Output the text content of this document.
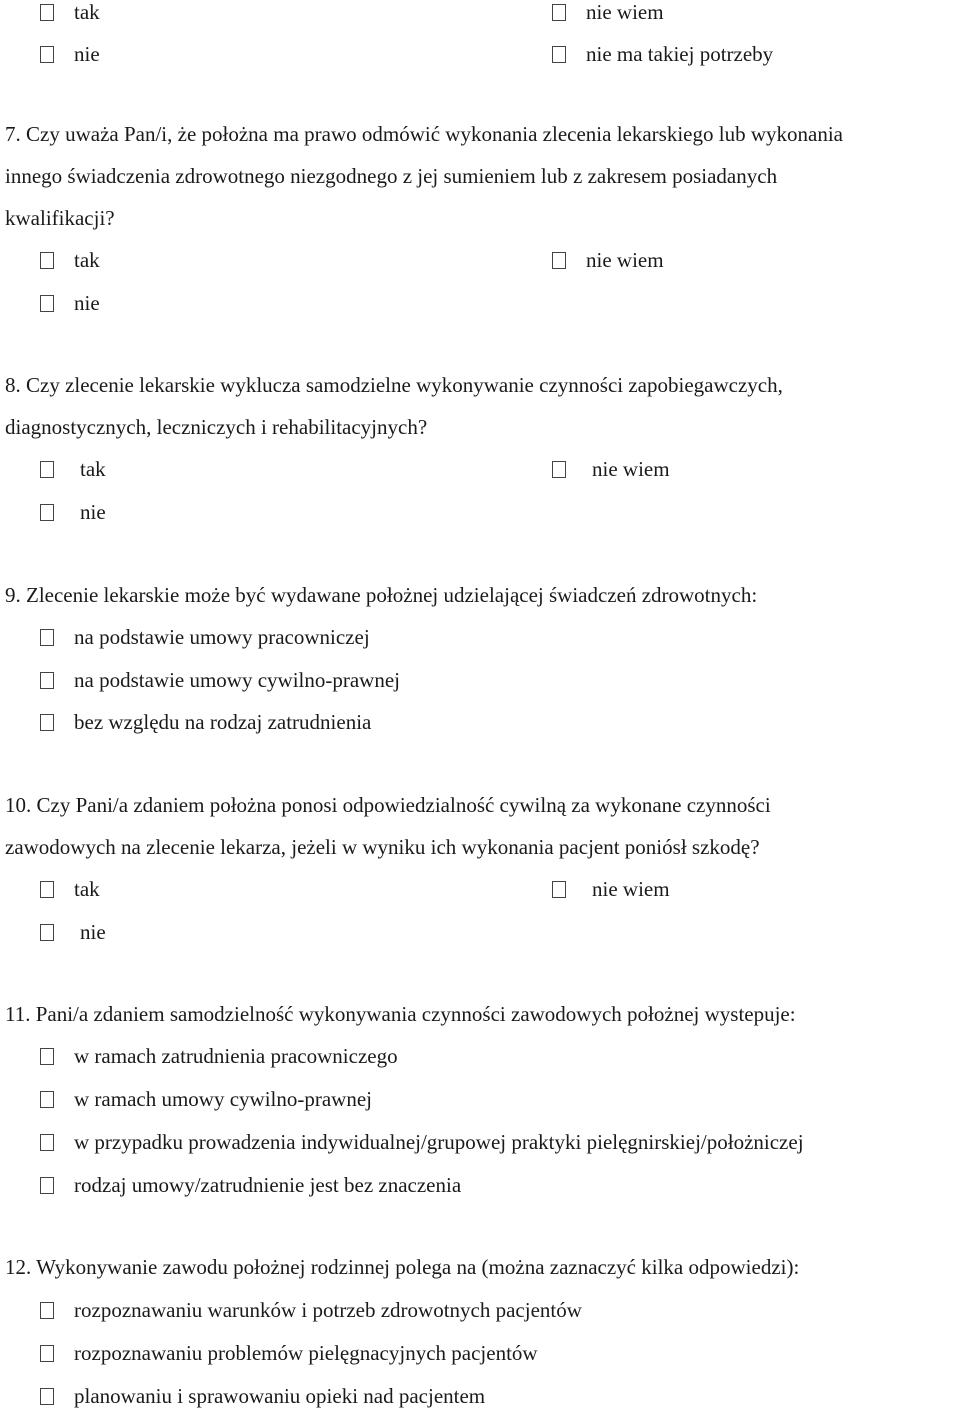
tak	nie wiem
nie	nie ma takiej potrzeby
7. Czy uważa Pan/i, że położna ma prawo odmówić wykonania zlecenia lekarskiego lub wykonania
innego świadczenia zdrowotnego niezgodnego z jej sumieniem lub z zakresem posiadanych
kwalifikacji?
tak	nie wiem
nie
8. Czy zlecenie lekarskie wyklucza samodzielne wykonywanie czynności zapobiegawczych,
diagnostycznych, leczniczych i rehabilitacyjnych?
tak	nie wiem
nie
9. Zlecenie lekarskie może być wydawane położnej udzielającej świadczeń zdrowotnych:
na podstawie umowy pracowniczej
na podstawie umowy cywilno-prawnej
bez względu na rodzaj zatrudnienia
10. Czy Pani/a zdaniem położna ponosi odpowiedzialność cywilną za wykonane czynności
zawodowych na zlecenie lekarza, jeżeli w wyniku ich wykonania pacjent poniósł szkodę?
tak	nie wiem
nie
11. Pani/a zdaniem samodzielność wykonywania czynności zawodowych położnej wystepuje:
w ramach zatrudnienia pracowniczego
w ramach umowy cywilno-prawnej
w przypadku prowadzenia indywidualnej/grupowej praktyki pielęgnirskiej/położniczej
rodzaj umowy/zatrudnienie jest bez znaczenia
12. Wykonywanie zawodu położnej rodzinnej polega na (można zaznaczyć kilka odpowiedzi):
rozpoznawaniu warunków i potrzeb zdrowotnych pacjentów
rozpoznawaniu problemów pielęgnacyjnych pacjentów
planowaniu i sprawowaniu opieki nad pacjentem
